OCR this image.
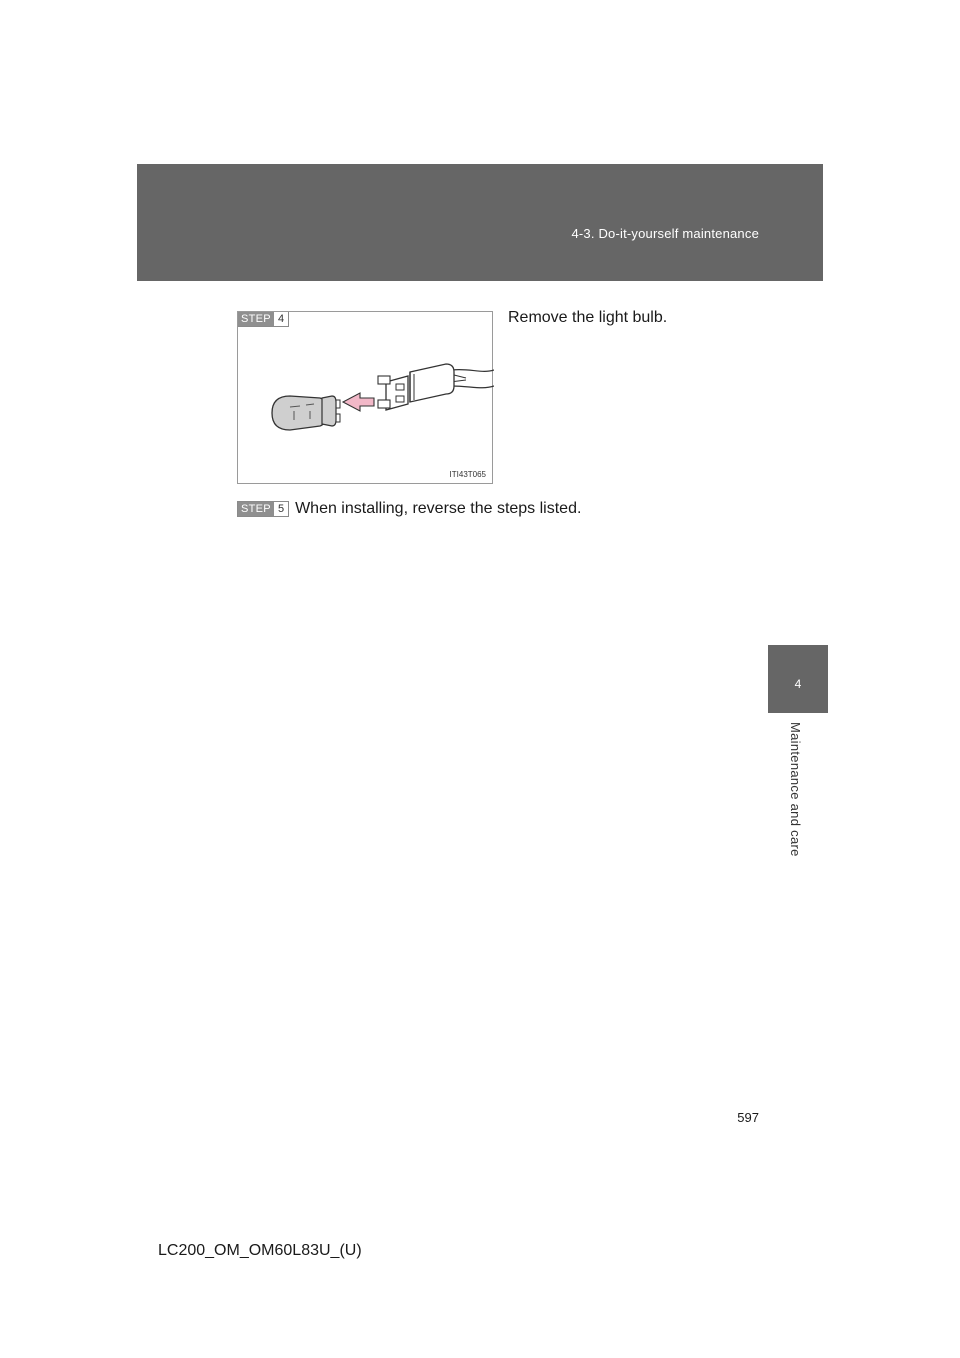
4-3. Do-it-yourself maintenance
4
Maintenance and care
STEP 4
ITI43T065
Remove the light bulb.
STEP 5 When installing, reverse the steps listed.
597
LC200_OM_OM60L83U_(U)
